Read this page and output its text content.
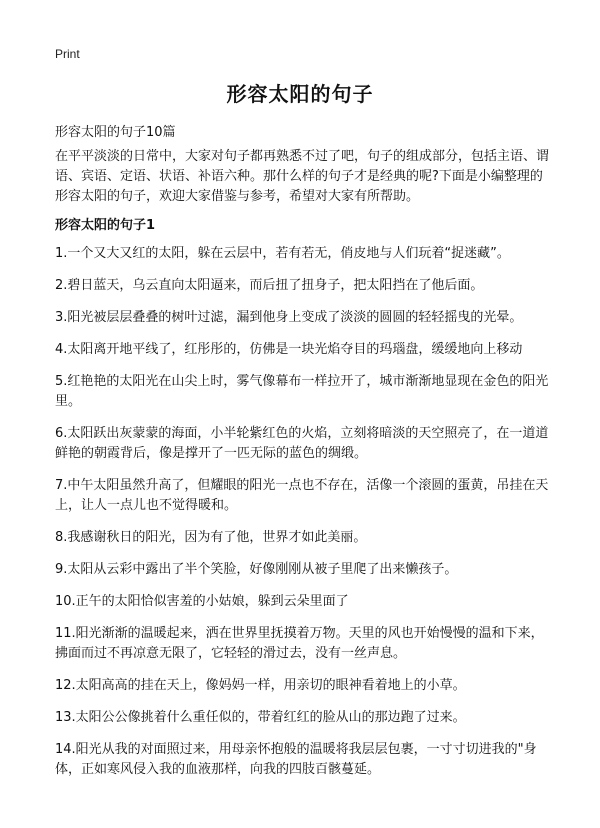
Print
形容太阳的句子

形容太阳的句子10篇

在平平淡淡的日常中，大家对句子都再熟悉不过了吧，句子的组成部分，包括主语、谓语、宾语、定语、状语、补语六种。那什么样的句子才是经典的呢?下面是小编整理的形容太阳的句子，欢迎大家借鉴与参考，希望对大家有所帮助。

形容太阳的句子1
1.一个又大又红的太阳，躲在云层中，若有若无，俏皮地与人们玩着“捉迷藏”。
2.碧日蓝天，乌云直向太阳逼来，而后扭了扭身子，把太阳挡在了他后面。
3.阳光被层层叠叠的树叶过滤，漏到他身上变成了淡淡的圆圆的轻轻摇曳的光晕。
4.太阳离开地平线了，红彤彤的，仿佛是一块光焰夺目的玛瑙盘，缓缓地向上移动
5.红艳艳的太阳光在山尖上时，雾气像幕布一样拉开了，城市渐渐地显现在金色的阳光里。
6.太阳跃出灰蒙蒙的海面，小半轮紫红色的火焰，立刻将暗淡的天空照亮了，在一道道鲜艳的朝霞背后，像是撑开了一匹无际的蓝色的绸缎。
7.中午太阳虽然升高了，但耀眼的阳光一点也不存在，活像一个滚圆的蛋黄，吊挂在天上，让人一点儿也不觉得暖和。
8.我感谢秋日的阳光，因为有了他，世界才如此美丽。
9.太阳从云彩中露出了半个笑脸，好像刚刚从被子里爬了出来懒孩子。
10.正午的太阳恰似害羞的小姑娘，躲到云朵里面了
11.阳光渐渐的温暖起来，洒在世界里抚摸着万物。天里的风也开始慢慢的温和下来，拂面而过不再凉意无限了，它轻轻的滑过去，没有一丝声息。
12.太阳高高的挂在天上，像妈妈一样，用亲切的眼神看着地上的小草。
13.太阳公公像挑着什么重任似的，带着红红的脸从山的那边跑了过来。
14.阳光从我的对面照过来，用母亲怀抱般的温暖将我层层包裹，一寸寸切进我的"身体，正如寒风侵入我的血液那样，向我的四肢百骸蔓延。
